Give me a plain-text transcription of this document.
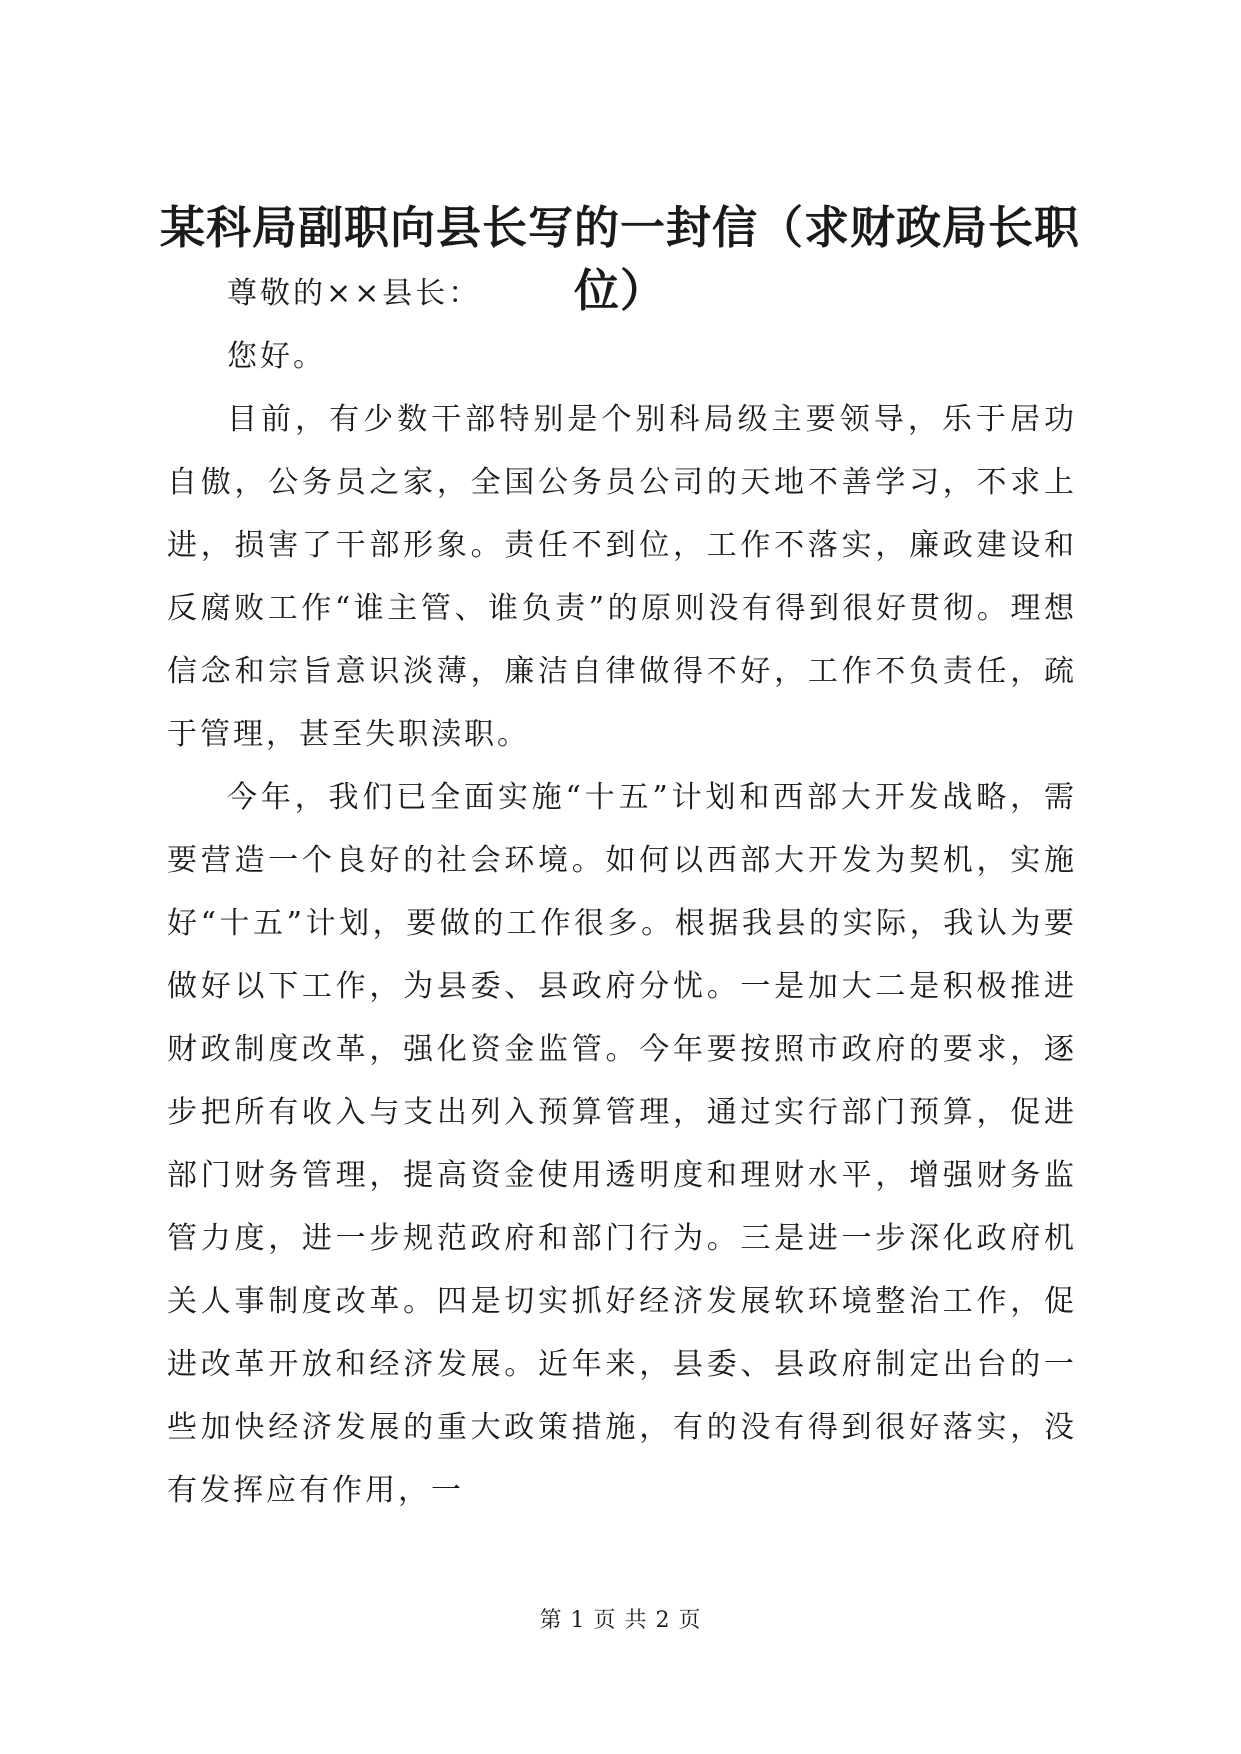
某科局副职向县长写的一封信（求财政局长职位）

尊敬的××县长：

您好。

目前，有少数干部特别是个别科局级主要领导，乐于居功自傲，公务员之家，全国公务员公司的天地不善学习，不求上进，损害了干部形象。责任不到位，工作不落实，廉政建设和反腐败工作“谁主管、谁负责”的原则没有得到很好贯彻。理想信念和宗旨意识淡薄，廉洁自律做得不好，工作不负责任，疏于管理，甚至失职渎职。

今年，我们已全面实施“十五”计划和西部大开发战略，需要营造一个良好的社会环境。如何以西部大开发为契机，实施好“十五”计划，要做的工作很多。根据我县的实际，我认为要做好以下工作，为县委、县政府分忧。一是加大二是积极推进财政制度改革，强化资金监管。今年要按照市政府的要求，逐步把所有收入与支出列入预算管理，通过实行部门预算，促进部门财务管理，提高资金使用透明度和理财水平，增强财务监管力度，进一步规范政府和部门行为。三是进一步深化政府机关人事制度改革。四是切实抓好经济发展软环境整治工作，促进改革开放和经济发展。近年来，县委、县政府制定出台的一些加快经济发展的重大政策措施，有的没有得到很好落实，没有发挥应有作用，一

第 1 页 共 2 页
